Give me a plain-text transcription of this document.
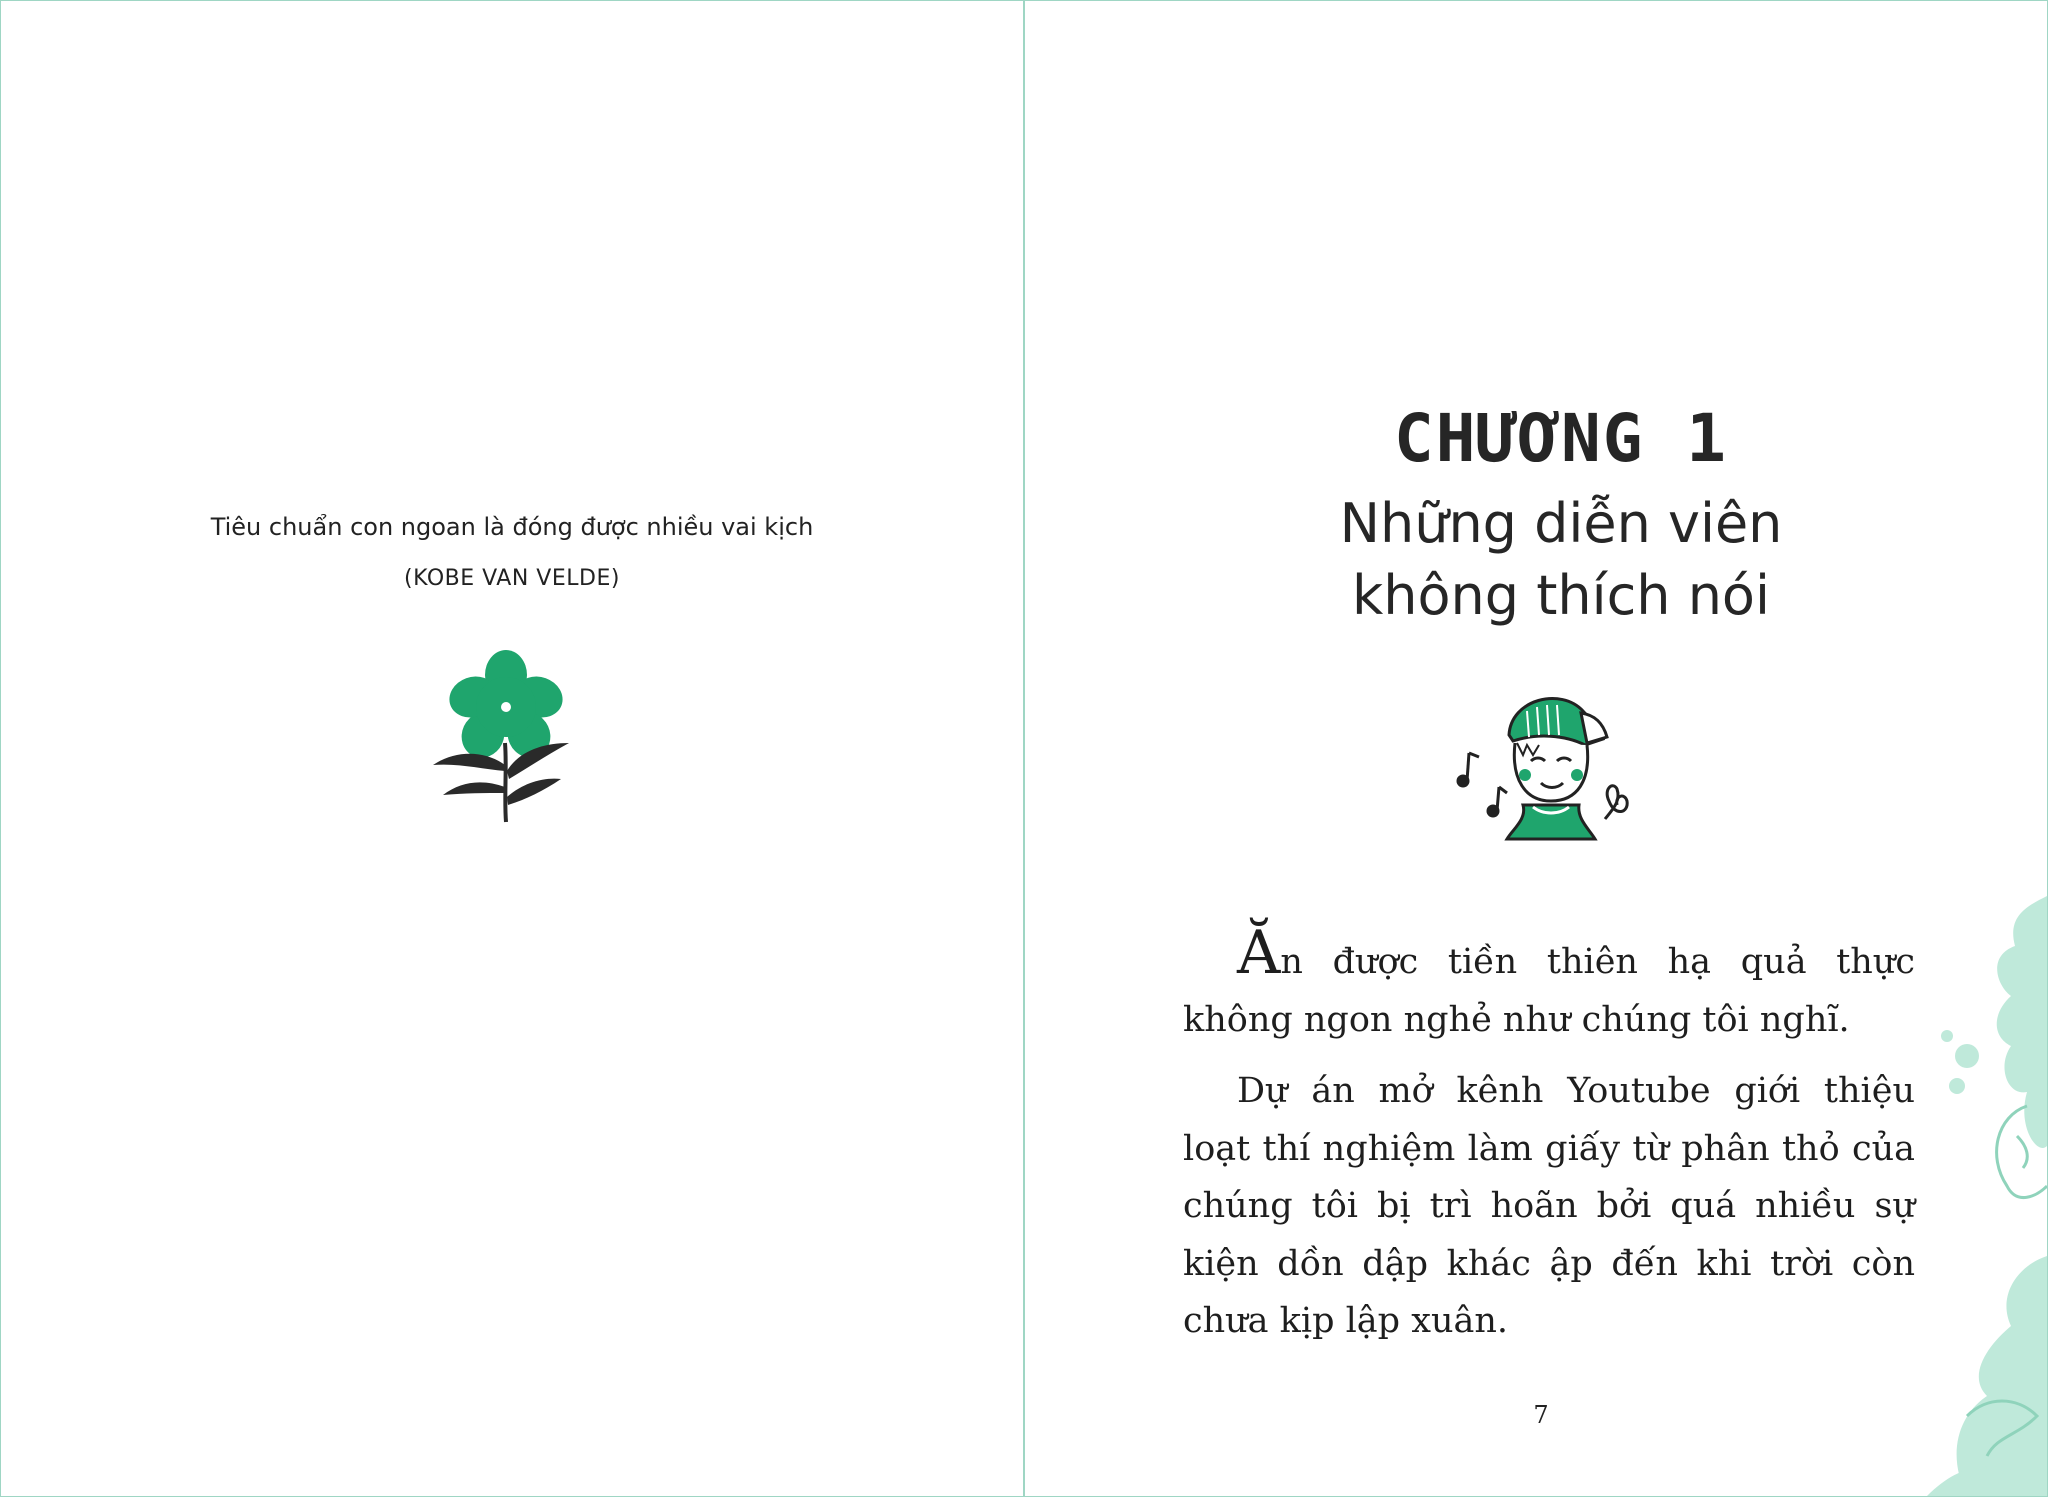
Tiêu chuẩn con ngoan là đóng được nhiều vai kịch
(KOBE VAN VELDE)
CHƯƠNG 1
Những diễn viên
không thích nói

Ăn được tiền thiên hạ quả thực không ngon nghẻ như chúng tôi nghĩ.

Dự án mở kênh Youtube giới thiệu loạt thí nghiệm làm giấy từ phân thỏ của chúng tôi bị trì hoãn bởi quá nhiều sự kiện dồn dập khác ập đến khi trời còn chưa kịp lập xuân.

7
